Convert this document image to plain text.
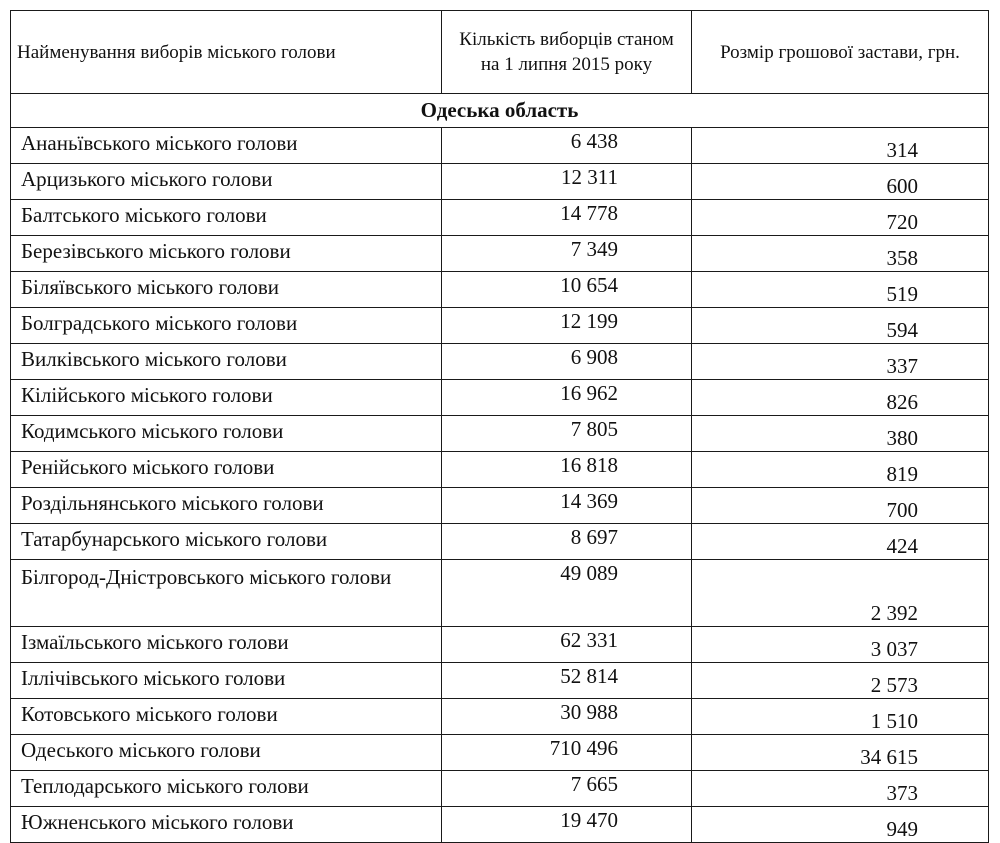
Найменування виборів міського голови	Кількість виборців станом на 1 липня 2015 року	Розмір грошової застави, грн.
Одеська область		
Ананьївського міського голови	6 438	314
Арцизького міського голови	12 311	600
Балтського міського голови	14 778	720
Березівського міського голови	7 349	358
Біляївського міського голови	10 654	519
Болградського міського голови	12 199	594
Вилківського міського голови	6 908	337
Кілійського міського голови	16 962	826
Кодимського міського голови	7 805	380
Ренійського міського голови	16 818	819
Роздільнянського міського голови	14 369	700
Татарбунарського міського голови	8 697	424
Білгород-Дністровського міського голови	49 089	2 392
Ізмаїльського міського голови	62 331	3 037
Іллічівського міського голови	52 814	2 573
Котовського міського голови	30 988	1 510
Одеського міського голови	710 496	34 615
Теплодарського міського голови	7 665	373
Южненського міського голови	19 470	949
